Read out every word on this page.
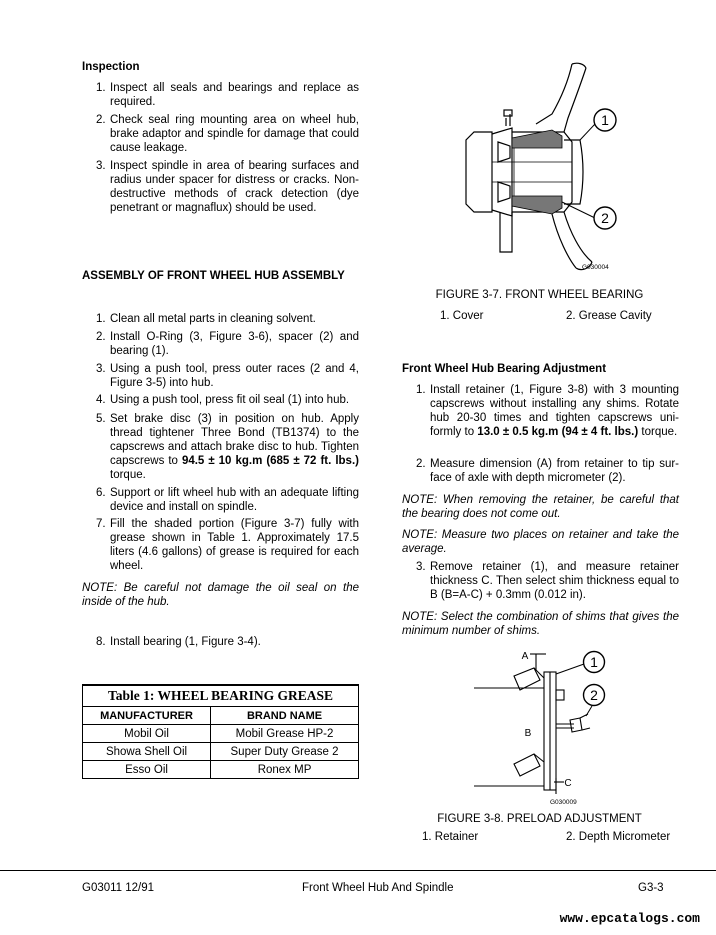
Inspection
1. Inspect all seals and bearings and replace as required.
2. Check seal ring mounting area on wheel hub, brake adaptor and spindle for damage that could cause leakage.
3. Inspect spindle in area of bearing surfaces and radius under spacer for distress or cracks. Non-destructive methods of crack detection (dye penetrant or magnaflux) should be used.
ASSEMBLY OF FRONT WHEEL HUB ASSEMBLY
1. Clean all metal parts in cleaning solvent.
2. Install O-Ring (3, Figure 3-6), spacer (2) and bearing (1).
3. Using a push tool, press outer races (2 and 4, Figure 3-5) into hub.
4. Using a push tool, press fit oil seal (1) into hub.
5. Set brake disc (3) in position on hub. Apply thread tightener Three Bond (TB1374) to the capscrews and attach brake disc to hub. Tighten capscrews to 94.5 ± 10 kg.m (685 ± 72 ft. lbs.) torque.
6. Support or lift wheel hub with an adequate lifting device and install on spindle.
7. Fill the shaded portion (Figure 3-7) fully with grease shown in Table 1. Approximately 17.5 liters (4.6 gallons) of grease is required for each wheel.
NOTE: Be careful not damage the oil seal on the inside of the hub.
8. Install bearing (1, Figure 3-4).
Table 1: WHEEL BEARING GREASE	
MANUFACTURER	BRAND NAME
Mobil Oil	Mobil Grease HP-2
Showa Shell Oil	Super Duty Grease 2
Esso Oil	Ronex MP
1
2
G030004
FIGURE 3-7. FRONT WHEEL BEARING
1. Cover	2. Grease Cavity
Front Wheel Hub Bearing Adjustment
1. Install retainer (1, Figure 3-8) with 3 mounting capscrews without installing any shims. Rotate hub 20-30 times and tighten capscrews uni-formly to 13.0 ± 0.5 kg.m (94 ± 4 ft. lbs.) torque.
2. Measure dimension (A) from retainer to tip sur-face of axle with depth micrometer (2).
NOTE: When removing the retainer, be careful that the bearing does not come out.
NOTE: Measure two places on retainer and take the average.
3. Remove retainer (1), and measure retainer thickness C. Then select shim thickness equal to B (B=A-C) + 0.3mm (0.012 in).
NOTE: Select the combination of shims that gives the minimum number of shims.
1
2
A
B
C
G030009
FIGURE 3-8. PRELOAD ADJUSTMENT
1. Retainer	2. Depth Micrometer
G03011 12/91	Front Wheel Hub And Spindle	G3-3
www.epcatalogs.com
